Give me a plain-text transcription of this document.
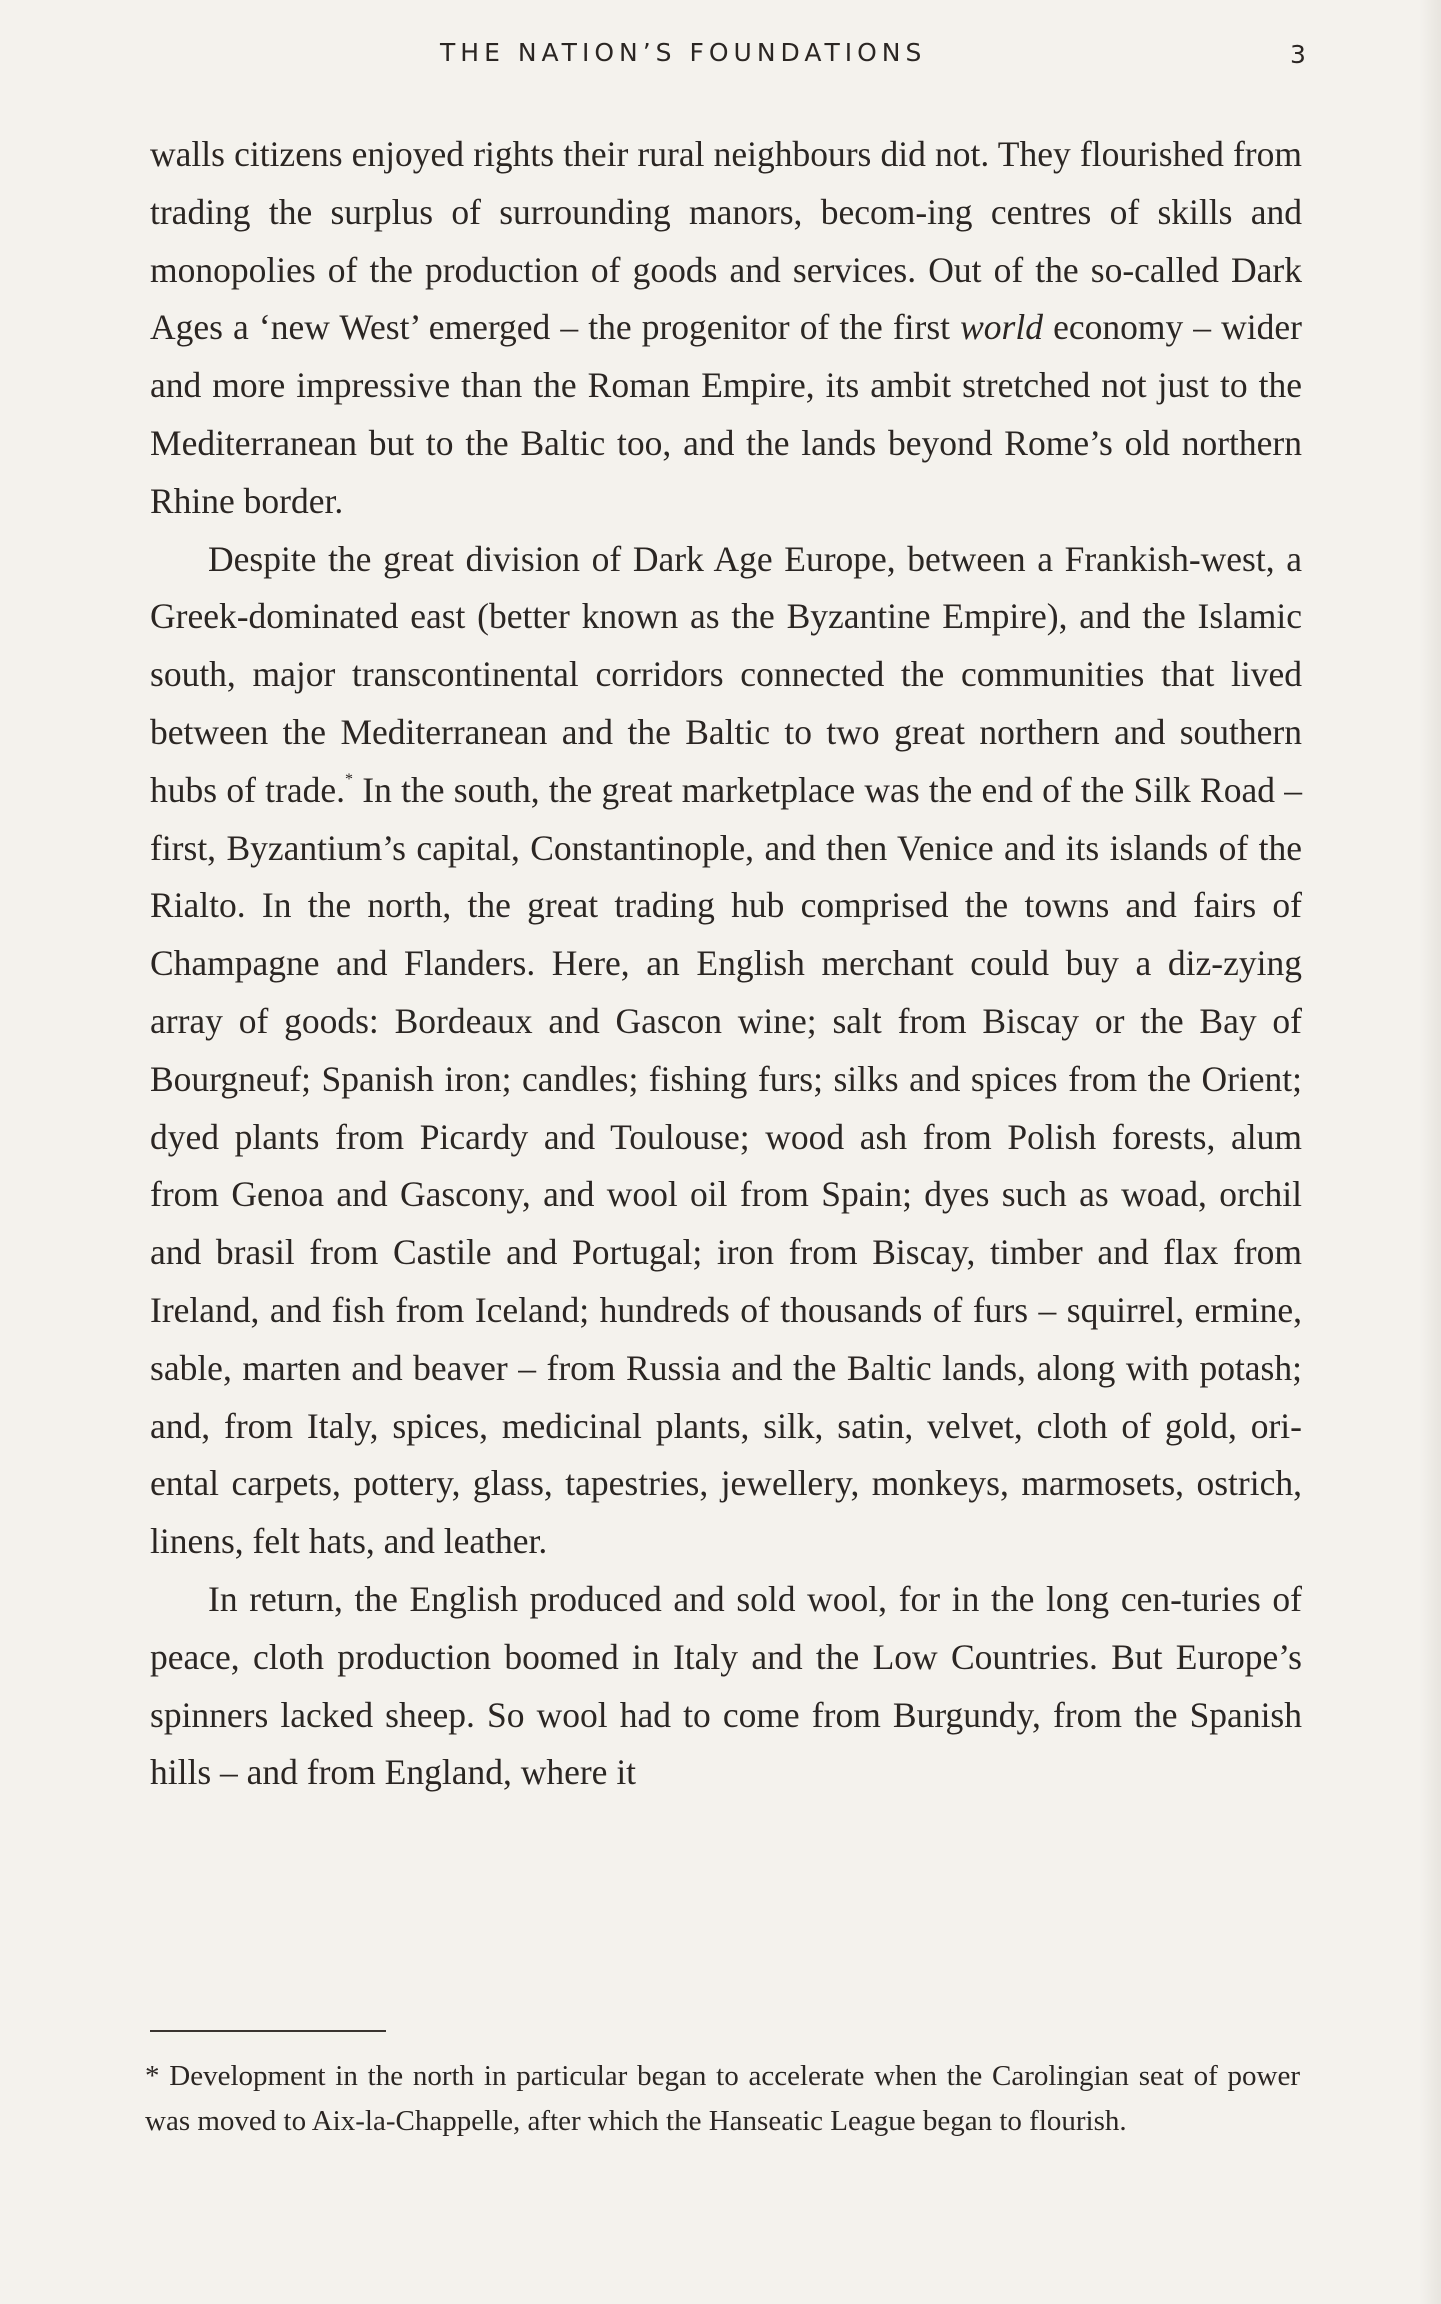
THE NATION’S FOUNDATIONS	3

walls citizens enjoyed rights their rural neighbours did not. They flourished from trading the surplus of surrounding manors, becom-ing centres of skills and monopolies of the production of goods and services. Out of the so-called Dark Ages a ‘new West’ emerged – the progenitor of the first world economy – wider and more impressive than the Roman Empire, its ambit stretched not just to the Mediterranean but to the Baltic too, and the lands beyond Rome’s old northern Rhine border.

Despite the great division of Dark Age Europe, between a Frankish-west, a Greek-dominated east (better known as the Byzantine Empire), and the Islamic south, major transcontinental corridors connected the communities that lived between the Mediterranean and the Baltic to two great northern and southern hubs of trade.* In the south, the great marketplace was the end of the Silk Road – first, Byzantium’s capital, Constantinople, and then Venice and its islands of the Rialto. In the north, the great trading hub comprised the towns and fairs of Champagne and Flanders. Here, an English merchant could buy a diz-zying array of goods: Bordeaux and Gascon wine; salt from Biscay or the Bay of Bourgneuf; Spanish iron; candles; fishing furs; silks and spices from the Orient; dyed plants from Picardy and Toulouse; wood ash from Polish forests, alum from Genoa and Gascony, and wool oil from Spain; dyes such as woad, orchil and brasil from Castile and Portugal; iron from Biscay, timber and flax from Ireland, and fish from Iceland; hundreds of thousands of furs – squirrel, ermine, sable, marten and beaver – from Russia and the Baltic lands, along with potash; and, from Italy, spices, medicinal plants, silk, satin, velvet, cloth of gold, ori-ental carpets, pottery, glass, tapestries, jewellery, monkeys, marmosets, ostrich, linens, felt hats, and leather.

In return, the English produced and sold wool, for in the long cen-turies of peace, cloth production boomed in Italy and the Low Countries. But Europe’s spinners lacked sheep. So wool had to come from Burgundy, from the Spanish hills – and from England, where it

* Development in the north in particular began to accelerate when the Carolingian seat of power was moved to Aix-la-Chappelle, after which the Hanseatic League began to flourish.
